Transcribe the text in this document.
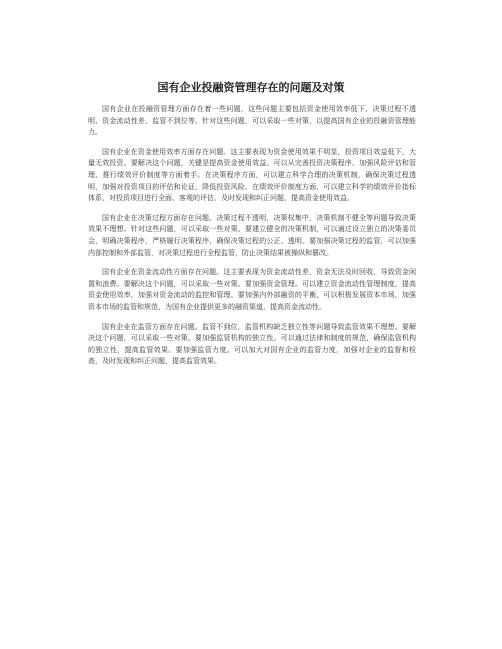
国有企业投融资管理存在的问题及对策

国有企业在投融资管理方面存在着一些问题，这些问题主要包括资金使用效率低下、决策过程不透明、资金流动性差、监管不到位等。针对这些问题，可以采取一些对策，以提高国有企业的投融资管理能力。

国有企业在资金使用效率方面存在问题。这主要表现为资金使用效果不明显，投资项目效益低下，大量无效投资。要解决这个问题，关键是提高资金使用效益。可以从完善投资决策程序、加强风险评估和管理、推行绩效评价制度等方面着手。在决策程序方面，可以建立科学合理的决策机制，确保决策过程透明，加强对投资项目的评估和论证，降低投资风险。在绩效评价制度方面，可以建立科学的绩效评价指标体系，对投资项目进行全面、客观的评估，及时发现和纠正问题，提高资金使用效益。

国有企业在决策过程方面存在问题。决策过程不透明，决策权集中，决策机制不健全等问题导致决策效果不理想。针对这些问题，可以采取一些对策。要建立健全的决策机制，可以通过设立独立的决策委员会，明确决策程序，严格履行决策程序，确保决策过程的公正、透明。要加强决策过程的监管，可以加强内部控制和外部监管，对决策过程进行全程监管，防止决策结果被操纵和篡改。

国有企业在资金流动性方面存在问题。这主要表现为资金流动性差，资金无法及时回收，导致资金闲置和浪费。要解决这个问题，可以采取一些对策。要加强资金管理。可以建立资金流动性管理制度，提高资金使用效率，加强对资金流动的监控和管理。要加强内外部融资的平衡，可以积极发展资本市场，加强资本市场的监管和规范，为国有企业提供更多的融资渠道，提高资金流动性。

国有企业在监管方面存在问题。监管不到位，监管机构缺乏独立性等问题导致监管效果不理想。要解决这个问题，可以采取一些对策。要加强监管机构的独立性。可以通过法律和制度的规范，确保监管机构的独立性，提高监管效果。要加强监管力度。可以加大对国有企业的监管力度，加强对企业的监督和检查，及时发现和纠正问题，提高监管效果。
